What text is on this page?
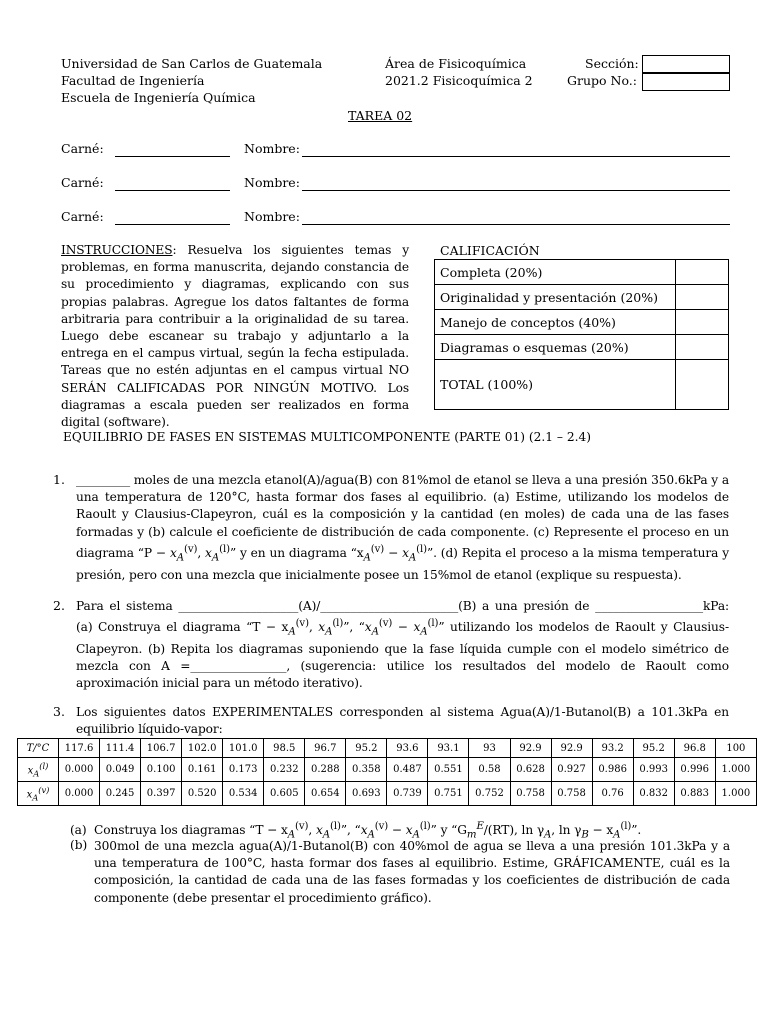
Universidad de San Carlos de Guatemala
Facultad de Ingeniería
Escuela de Ingeniería Química
Área de Fisicoquímica
2021.2 Fisicoquímica 2
Sección:
Grupo No.:
TAREA 02
Carné:	Nombre:
Carné:	Nombre:
Carné:	Nombre:
INSTRUCCIONES: Resuelva los siguientes temas y problemas, en forma manuscrita, dejando constancia de su procedimiento y diagramas, explicando con sus propias palabras. Agregue los datos faltantes de forma arbitraria para contribuir a la originalidad de su tarea. Luego debe escanear su trabajo y adjuntarlo a la entrega en el campus virtual, según la fecha estipulada. Tareas que no estén adjuntas en el campus virtual NO SERÁN CALIFICADAS POR NINGÚN MOTIVO. Los diagramas a escala pueden ser realizados en forma digital (software).
CALIFICACIÓN
Completa (20%)	
Originalidad y presentación (20%)	
Manejo de conceptos (40%)	
Diagramas o esquemas (20%)	
TOTAL (100%)	
EQUILIBRIO DE FASES EN SISTEMAS MULTICOMPONENTE (PARTE 01) (2.1 – 2.4)
1. _________ moles de una mezcla etanol(A)/agua(B) con 81%mol de etanol se lleva a una presión 350.6kPa y a una temperatura de 120°C, hasta formar dos fases al equilibrio. (a) Estime, utilizando los modelos de Raoult y Clausius-Clapeyron, cuál es la composición y la cantidad (en moles) de cada una de las fases formadas y (b) calcule el coeficiente de distribución de cada componente. (c) Represente el proceso en un diagrama “$P - x_A^{(v)}$, $x_A^{(l)}$” y en un diagrama “$x_A^{(v)} - x_A^{(l)}$”. (d) Repita el proceso a la misma temperatura y presión, pero con una mezcla que inicialmente posee un 15%mol de etanol (explique su respuesta).
2. Para el sistema ____________________(A)/_______________________(B) a una presión de __________________kPa: (a) Construya el diagrama “$T - x_A^{(v)}$, $x_A^{(l)}$”, “$x_A^{(v)} - x_A^{(l)}$” utilizando los modelos de Raoult y Clausius-Clapeyron. (b) Repita los diagramas suponiendo que la fase líquida cumple con el modelo simétrico de mezcla con A =________________, (sugerencia: utilice los resultados del modelo de Raoult como aproximación inicial para un método iterativo).
3. Los siguientes datos EXPERIMENTALES corresponden al sistema Agua(A)/1-Butanol(B) a 101.3kPa en equilibrio líquido-vapor:
T/°C	117.6	111.4	106.7	102.0	101.0	98.5	96.7	95.2	93.6	93.1	93	92.9	92.9	93.2	95.2	96.8	100
$x_A^{(l)}$	0.000	0.049	0.100	0.161	0.173	0.232	0.288	0.358	0.487	0.551	0.58	0.628	0.927	0.986	0.993	0.996	1.000
$x_A^{(v)}$	0.000	0.245	0.397	0.520	0.534	0.605	0.654	0.693	0.739	0.751	0.752	0.758	0.758	0.76	0.832	0.883	1.000
(a) Construya los diagramas “$T - x_A^{(v)}$, $x_A^{(l)}$”, “$x_A^{(v)} - x_A^{(l)}$” y “$G_m^E/(RT)$, $\ln \gamma_A$, $\ln \gamma_B - x_A^{(l)}$”.
(b) 300mol de una mezcla agua(A)/1-Butanol(B) con 40%mol de agua se lleva a una presión 101.3kPa y a una temperatura de 100°C, hasta formar dos fases al equilibrio. Estime, GRÁFICAMENTE, cuál es la composición, la cantidad de cada una de las fases formadas y los coeficientes de distribución de cada componente (debe presentar el procedimiento gráfico).
